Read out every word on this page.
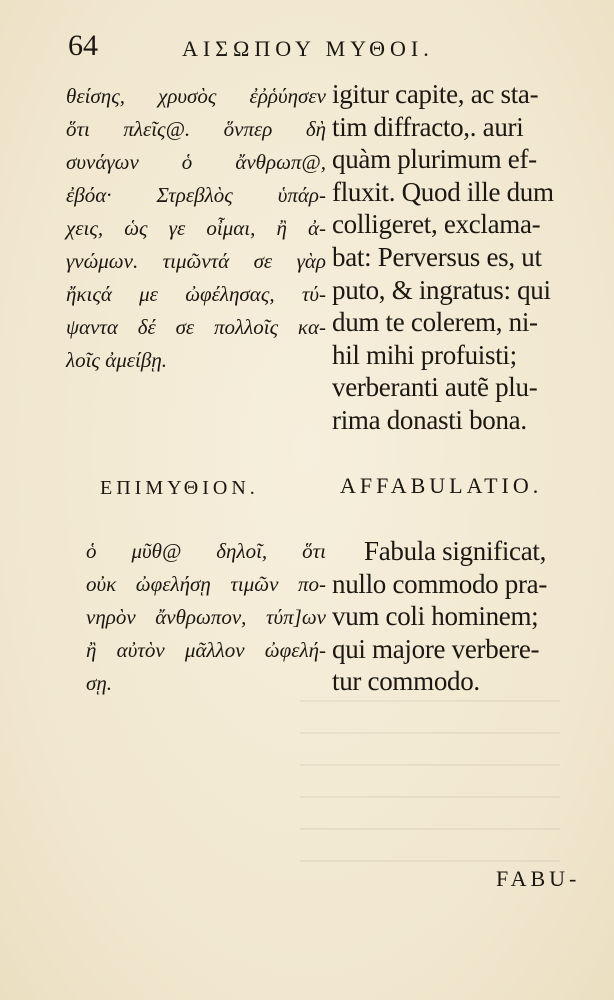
64	ΑΙΣΩΠΟΥ ΜΥΘΟΙ.
θείσης, χρυσὸς ἐῤῥύησεν
ὅτι πλεῖς@. ὅνπερ δὴ
συνάγων ὁ ἄνθρωπ@,
ἐβόα· Στρεβλὸς ὑπάρ-
χεις, ὡς γε οἶμαι, ἢ ἀ-
γνώμων. τιμῶντά σε γὰρ
ἤκιςά με ὠφέλησας, τύ-
ψαντα δέ σε πολλοῖς κα-
λοῖς ἀμείβῃ.
igitur capite, ac sta-
tim diffracto,. auri
quàm plurimum ef-
fluxit. Quod ille dum
colligeret, exclama-
bat: Perversus es, ut
puto, & ingratus: qui
dum te colerem, ni-
hil mihi profuisti;
verberanti autẽ plu-
rima donasti bona.
ΕΠΙΜΥΘΙΟΝ.	AFFABULATIO.
ὁ μῦθ@ δηλοῖ, ὅτι
οὐκ ὠφελήσῃ τιμῶν πο-
νηρὸν ἄνθρωπον, τύπ]ων
ἢ αὐτὸν μᾶλλον ὠφελή-
σῃ.
Fabula significat,
nullo commodo pra-
vum coli hominem;
qui majore verbere-
tur commodo.
FABU-
